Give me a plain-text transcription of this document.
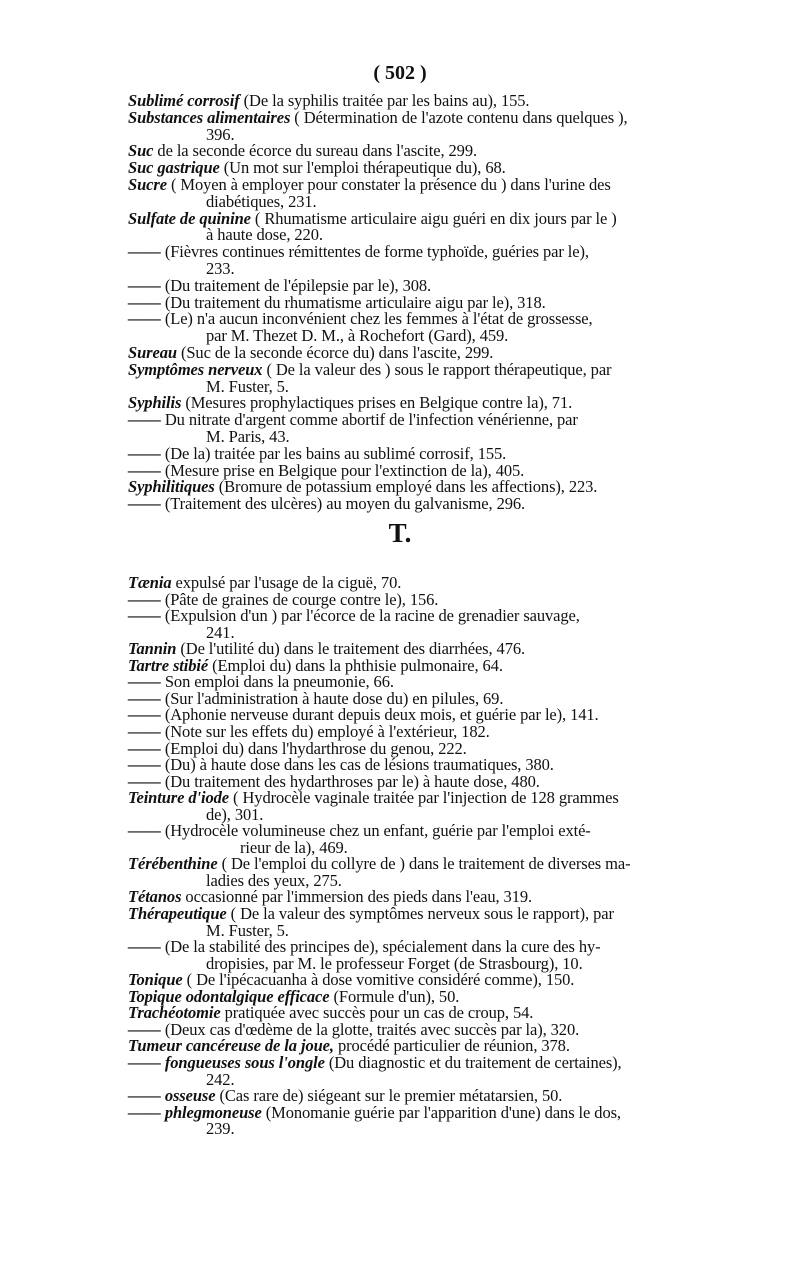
( 502 )
Sublimé corrosif (De la syphilis traitée par les bains au), 155.
Substances alimentaires ( Détermination de l'azote contenu dans quelques ),
396.
Suc de la seconde écorce du sureau dans l'ascite, 299.
Suc gastrique (Un mot sur l'emploi thérapeutique du), 68.
Sucre ( Moyen à employer pour constater la présence du ) dans l'urine des
diabétiques, 231.
Sulfate de quinine ( Rhumatisme articulaire aigu guéri en dix jours par le )
à haute dose, 220.
—— (Fièvres continues rémittentes de forme typhoïde, guéries par le),
233.
—— (Du traitement de l'épilepsie par le), 308.
—— (Du traitement du rhumatisme articulaire aigu par le), 318.
—— (Le) n'a aucun inconvénient chez les femmes à l'état de grossesse,
par M. Thezet D. M., à Rochefort (Gard), 459.
Sureau (Suc de la seconde écorce du) dans l'ascite, 299.
Symptômes nerveux ( De la valeur des ) sous le rapport thérapeutique, par
M. Fuster, 5.
Syphilis (Mesures prophylactiques prises en Belgique contre la), 71.
—— Du nitrate d'argent comme abortif de l'infection vénérienne, par
M. Paris, 43.
—— (De la) traitée par les bains au sublimé corrosif, 155.
—— (Mesure prise en Belgique pour l'extinction de la), 405.
Syphilitiques (Bromure de potassium employé dans les affections), 223.
—— (Traitement des ulcères) au moyen du galvanisme, 296.
T.
Tænia expulsé par l'usage de la ciguë, 70.
—— (Pâte de graines de courge contre le), 156.
—— (Expulsion d'un ) par l'écorce de la racine de grenadier sauvage,
241.
Tannin (De l'utilité du) dans le traitement des diarrhées, 476.
Tartre stibié (Emploi du) dans la phthisie pulmonaire, 64.
—— Son emploi dans la pneumonie, 66.
—— (Sur l'administration à haute dose du) en pilules, 69.
—— (Aphonie nerveuse durant depuis deux mois, et guérie par le), 141.
—— (Note sur les effets du) employé à l'extérieur, 182.
—— (Emploi du) dans l'hydarthrose du genou, 222.
—— (Du) à haute dose dans les cas de lésions traumatiques, 380.
—— (Du traitement des hydarthroses par le) à haute dose, 480.
Teinture d'iode ( Hydrocèle vaginale traitée par l'injection de 128 grammes
de), 301.
—— (Hydrocèle volumineuse chez un enfant, guérie par l'emploi exté-
rieur de la), 469.
Térébenthine ( De l'emploi du collyre de ) dans le traitement de diverses ma-
ladies des yeux, 275.
Tétanos occasionné par l'immersion des pieds dans l'eau, 319.
Thérapeutique ( De la valeur des symptômes nerveux sous le rapport), par
M. Fuster, 5.
—— (De la stabilité des principes de), spécialement dans la cure des hy-
dropisies, par M. le professeur Forget (de Strasbourg), 10.
Tonique ( De l'ipécacuanha à dose vomitive considéré comme), 150.
Topique odontalgique efficace (Formule d'un), 50.
Trachéotomie pratiquée avec succès pour un cas de croup, 54.
—— (Deux cas d'œdème de la glotte, traités avec succès par la), 320.
Tumeur cancéreuse de la joue, procédé particulier de réunion, 378.
—— fongueuses sous l'ongle (Du diagnostic et du traitement de certaines),
242.
—— osseuse (Cas rare de) siégeant sur le premier métatarsien, 50.
—— phlegmoneuse (Monomanie guérie par l'apparition d'une) dans le dos,
239.
